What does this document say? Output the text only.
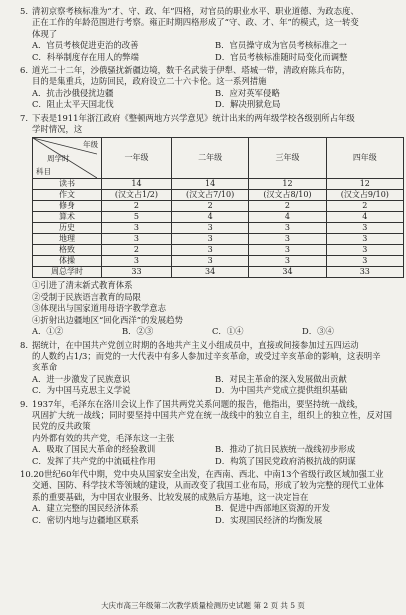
5. 清初京察考核标准为“才、守、政、年”四格，对官员的职业水平、职业道德、为政态度、

正在工作的年龄范围进行考察。雍正时期四格形成了“守、政、才、年”的模式，这一转变

体现了

A．官员考核促进吏治的改善	B．官员操守成为官员考核标准之一
C．科举制度存在用人的弊端	D．官员考核标准随时局变化而调整

6. 道光二十二年，沙俄骚扰新疆边境，数千名武装于伊犁、塔城一带，清政府陈兵布防，

目的是集重兵，边防回民，政府设立二十六卡伦。这一系列措施

A．抗击沙俄侵扰边疆	B．应对英军侵略
C．阻止太平天国北伐	D．解决刑狱危局

7. 下表是1911年浙江政府《整顿两地方兴学意见》统计出来的两年级学校各级别所占年级

学时情况，这

年级
周学时
科目	一年级	二年级	三年级	四年级
读书	14	14	12	12
作文	(汉文占1/2)	(汉文占7/10)	(汉文占8/10)	(汉文占9/10)
修身	2	2	2	2
算术	5	4	4	4
历史	3	3	3	3
地理	3	3	3	3
格致	2	3	3	3
体操	3	3	3	3
周总学时	33	34	34	33

①引进了清末新式教育体系

②受制于民族语言教育的局限

③体现出与国家道用母语字教学意志

④折射出边疆地区“回化西洋”的发展趋势

A．①②	B．②③	C．①④	D．③④

8. 据统计，在中国共产党创立时期的各地共产主义小组成员中，直接或间接参加过五四运动

的人数约占1/3；而党的一大代表中有多人参加过辛亥革命，或受过辛亥革命的影响，这表明辛

亥革命

A．进一步激发了民族意识	B．对民主革命的深入发展做出贡献
C．为中国马克思主义学说	D．为中国共产党成立提供组织基础

9. 1937年，毛泽东在洛川会议上作了国共两党关系问题的报告，他指出，要坚持统一战线，

巩固扩大统一战线；同时要坚持中国共产党在统一战线中的独立自主，组织上的独立性，反对国民党的反共政策

内外都有效的共产党，毛泽东这一主张

A．吸取了国民大革命的经验教训	B．推动了抗日民族统一战线初步形成
C．发挥了共产党的中流砥柱作用	D．构筑了国民党政府消极抗战的阴谋

10.20世纪60年代中期，党中央从国家安全出发，在西南、西北、中南13个省级行政区域加强工业

交通、国防、科学技术等领域的建设，从而改变了我国工业布局，形成了较为完整的现代工业体

系的重要基础，为中国农业服务、比较发展的成熟后方基地，这一决定旨在

A．建立完整的国民经济体系	B．促进中西部地区资源的开发
C．密切内地与边疆地区联系	D．实现国民经济的均衡发展
大庆市高三年级第二次教学质量检测历史试题 第 2 页 共 5 页
